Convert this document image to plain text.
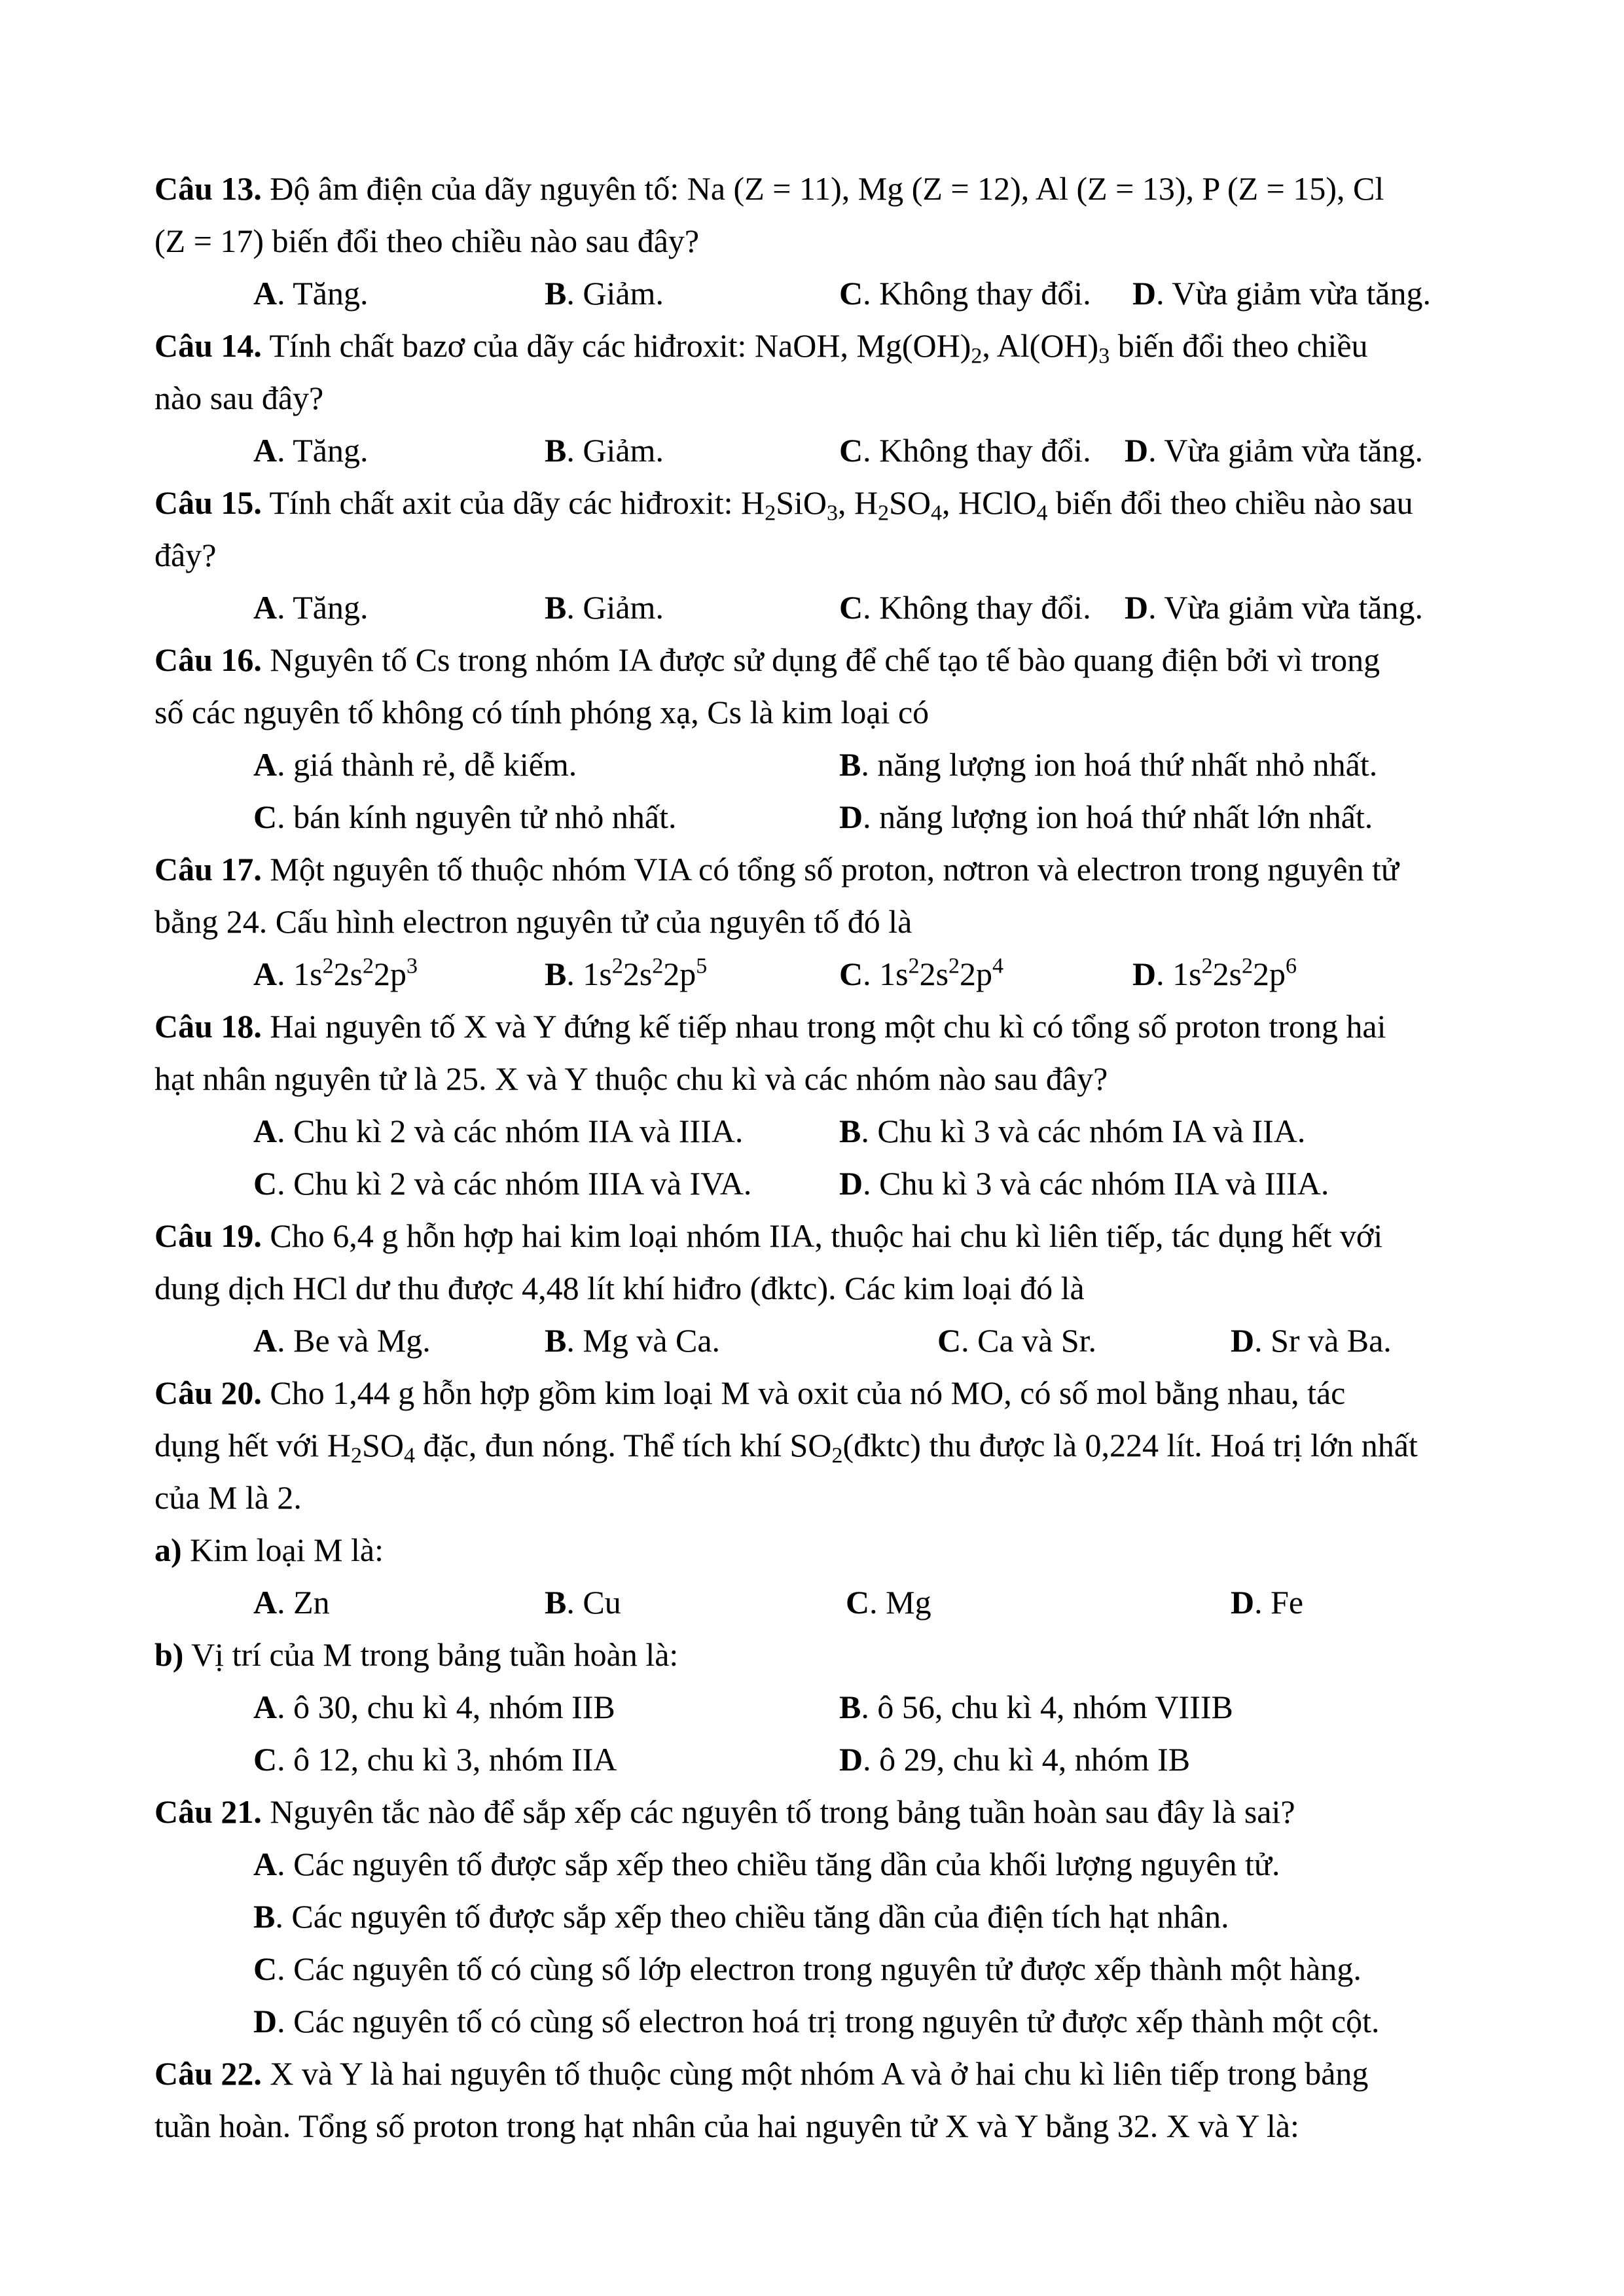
Câu 13. Độ âm điện của dãy nguyên tố: Na (Z = 11), Mg (Z = 12), Al (Z = 13), P (Z = 15), Cl
(Z = 17) biến đổi theo chiều nào sau đây?
A. Tăng.	B. Giảm.	C. Không thay đổi. D. Vừa giảm vừa tăng.
Câu 14. Tính chất bazơ của dãy các hiđroxit: NaOH, $Mg(OH)_2$, $Al(OH)_3$ biến đổi theo chiều
nào sau đây?
A. Tăng.	B. Giảm.	C. Không thay đổi. D. Vừa giảm vừa tăng.
Câu 15. Tính chất axit của dãy các hiđroxit: $H_2SiO_3$, $H_2SO_4$, HClO$_4$ biến đổi theo chiều nào sau
đây?
A. Tăng.	B. Giảm.	C. Không thay đổi. D. Vừa giảm vừa tăng.
Câu 16. Nguyên tố Cs trong nhóm IA được sử dụng để chế tạo tế bào quang điện bởi vì trong
số các nguyên tố không có tính phóng xạ, Cs là kim loại có
A. giá thành rẻ, dễ kiếm.	B. năng lượng ion hoá thứ nhất nhỏ nhất.
C. bán kính nguyên tử nhỏ nhất.	D. năng lượng ion hoá thứ nhất lớn nhất.
Câu 17. Một nguyên tố thuộc nhóm VIA có tổng số proton, nơtron và electron trong nguyên tử
bằng 24. Cấu hình electron nguyên tử của nguyên tố đó là
A. $1s^22s^22p^3$	B. $1s^22s^22p^5$	C. $1s^22s^22p^4$	D. $1s^22s^22p^6$
Câu 18. Hai nguyên tố X và Y đứng kế tiếp nhau trong một chu kì có tổng số proton trong hai
hạt nhân nguyên tử là 25. X và Y thuộc chu kì và các nhóm nào sau đây?
A. Chu kì 2 và các nhóm IIA và IIIA.	B. Chu kì 3 và các nhóm IA và IIA.
C. Chu kì 2 và các nhóm IIIA và IVA.	D. Chu kì 3 và các nhóm IIA và IIIA.
Câu 19. Cho 6,4 g hỗn hợp hai kim loại nhóm IIA, thuộc hai chu kì liên tiếp, tác dụng hết với
dung dịch HCl dư thu được 4,48 lít khí hiđro (đktc). Các kim loại đó là
A. Be và Mg.	B. Mg và Ca.	C. Ca và Sr.	D. Sr và Ba.
Câu 20. Cho 1,44 g hỗn hợp gồm kim loại M và oxit của nó MO, có số mol bằng nhau, tác
dụng hết với $H_2SO_4$ đặc, đun nóng. Thể tích khí $SO_2(đktc)$ thu được là 0,224 lít. Hoá trị lớn nhất
của M là 2.
a) Kim loại M là:
A. Zn	B. Cu	C. Mg	D. Fe
b) Vị trí của M trong bảng tuần hoàn là:
A. ô 30, chu kì 4, nhóm IIB	B. ô 56, chu kì 4, nhóm VIIIB
C. ô 12, chu kì 3, nhóm IIA	D. ô 29, chu kì 4, nhóm IB
Câu 21. Nguyên tắc nào để sắp xếp các nguyên tố trong bảng tuần hoàn sau đây là sai?
A. Các nguyên tố được sắp xếp theo chiều tăng dần của khối lượng nguyên tử.
B. Các nguyên tố được sắp xếp theo chiều tăng dần của điện tích hạt nhân.
C. Các nguyên tố có cùng số lớp electron trong nguyên tử được xếp thành một hàng.
D. Các nguyên tố có cùng số electron hoá trị trong nguyên tử được xếp thành một cột.
Câu 22. X và Y là hai nguyên tố thuộc cùng một nhóm A và ở hai chu kì liên tiếp trong bảng
tuần hoàn. Tổng số proton trong hạt nhân của hai nguyên tử X và Y bằng 32. X và Y là:
